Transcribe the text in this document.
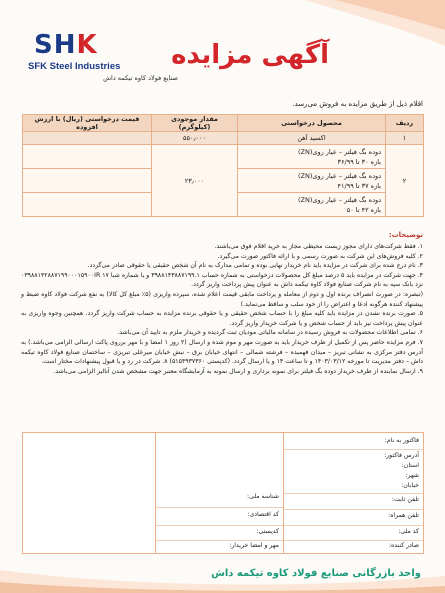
S H K
SFK Steel Industries
صنایع فولاد کاوه تیکمه داش
آگهی مزایده
اقلام ذیل از طریق مزایده به فروش می‌رسد.
ردیف	محصول درخواستی	مقدار موجودی (کیلوگرم)	قیمت درخواستی (ریال) با ارزش افزوده
۱	اکسید آهن	۵۵۰٫۰۰۰	
۲	دوده بگ فیلتر – عیار روی(ZN)
بازه ۳۰ تا ۳۶/۹۹	۲۳٫۰۰۰	

	دوده بگ فیلتر – عیار روی(ZN)
بازه ۳۷ تا ۴۱/۹۹		

	دوده بگ فیلتر – عیار روی(ZN)
بازه ۴۲ تا ۵۰		

توضیحات:

۱. فقط شرکت‌های دارای مجوز زیست محیطی مجاز به خرید اقلام فوق می‌باشند.

۲. کلیه فروش‌های این شرکت به صورت رسمی و با ارائه فاکتور صورت می‌گیرد.

۳. نام درج شده برای شرکت در مزایده باید نام خریدار نهایی بوده و تمامی مدارک به نام آن شخص حقیقی یا حقوقی صادر می‌گردد.

۴. جهت شرکت در مزایده باید ۵ درصد مبلغ کل محصولات درخواستی به شماره حساب ۳۹۸۸۱۴۳۸۸۷۱۹۹.۱ و یا شماره شبا ۰۳۹۸۸۱۴۲۸۸۷۱۹۹۰۰۰۱۵۹۰۰IR ۱۷ نزد بانک سپه به نام شرکت صنایع فولاد کاوه تیکمه داش به عنوان پیش پرداخت واریز گردد.

(تبصره: در صورت انصراف برنده اول و دوم از معامله و پرداخت مابقی قیمت اعلام شده، سپرده واریزی (۵٪ مبلغ کل کالا) به نفع شرکت فولاد کاوه ضبط و پیشنهاد کننده هرگونه ادعا و اعتراض را از خود سلب و ساقط می‌نماید.)

۵. صورت برنده نشدن در مزایده باید کلیه مبلغ را با حساب شخص حقیقی و یا حقوقی برنده مزایده به حساب شرکت واریز گردد. همچنین وجوه واریزی به عنوان پیش پرداخت نیز باید از حساب شخص و یا شرکت خریدار واریز گردد.

۶. تمامی اطلاعات محصولات به فروش رسیده در سامانه مالیاتی مودیان ثبت گردیده و خریدار ملزم به تایید آن می‌باشد.

۷. فرم مزایده حاضر پس از تکمیل از طرف خریدار باید به صورت مهر و موم شده و ارسال (۲ روز ۱ امضا و با مهر برروی پاکت ارسالی الزامی می‌باشد.) به آدرس دفتر مرکزی به نشانی تبریز – میدان فهمیده – فرشته شمالی – انتهای خیابان برق – نبش خیابان میرعلی تبریزی – ساختمان صنایع فولاد کاوه تیکمه داش – دفتر مدیریت تا مورخه ۱۴۰۳/۰۳/۱۲ و تا ساعت ۱۴ و یا ارسال گردد. (کدپستی ۵۱۵۴۹۳۷۳۶۰) ۸. شرکت در رد و یا قبول پیشنهادات مختار است.

۹. ارسال نماینده از طرف خریدار دوده بگ فیلتر برای نمونه برداری و ارسال نمونه به آزمایشگاه معتبر جهت مشخص شدن آنالیز الزامی می‌باشد.

فاکتور به نام:
آدرس فاکتور:
استان:
شهر:
خیابان:
تلفن ثابت:
تلفن همراه:
کد ملی:
صادر کننده:
شناسه ملی:
کد اقتصادی:
کدپستی:
مهر و امضا خریدار:
واحد بازرگانی صنایع فولاد کاوه تیکمه داش
